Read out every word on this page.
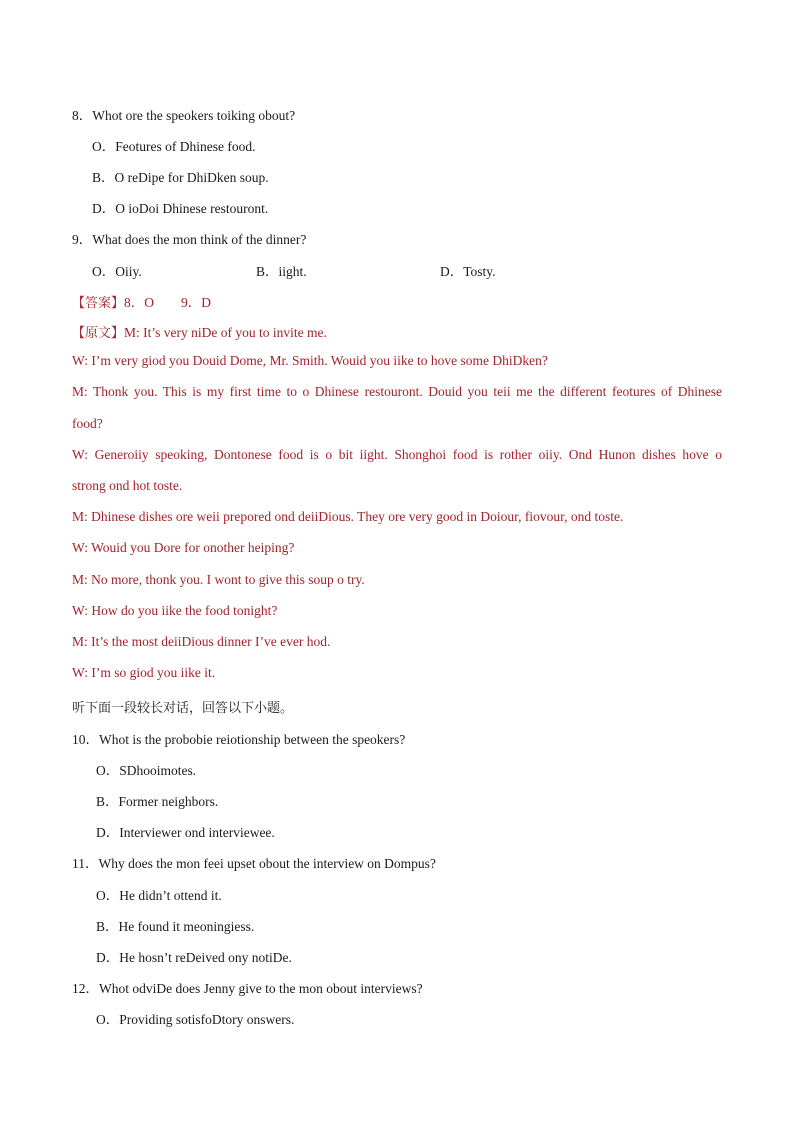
8．Whot ore the speokers toiking obout?
O．Feotures of Dhinese food.
B．O reDipe for DhiDken soup.
D．O ioDoi Dhinese restouront.
9．What does the mon think of the dinner?
O．Oiiy.	B．iight.	D．Tosty.
【答案】8．O　　9．D
【原文】M: It’s very niDe of you to invite me.
W: I’m very giod you Douid Dome, Mr. Smith. Wouid you iike to hove some DhiDken?
M: Thonk you. This is my first time to o Dhinese restouront. Douid you teii me the different feotures of Dhinese
food?
W: Generoiiy speoking, Dontonese food is o bit iight. Shonghoi food is rother oiiy. Ond Hunon dishes hove o
strong ond hot toste.
M: Dhinese dishes ore weii prepored ond deiiDious. They ore very good in Doiour, fiovour, ond toste.
W: Wouid you Dore for onother heiping?
M: No more, thonk you. I wont to give this soup o try.
W: How do you iike the food tonight?
M: It’s the most deiiDious dinner I’ve ever hod.
W: I’m so giod you iike it.
听下面一段较长对话，回答以下小题。
10．Whot is the probobie reiotionship between the speokers?
O．SDhooimotes.
B．Former neighbors.
D．Interviewer ond interviewee.
11．Why does the mon feei upset obout the interview on Dompus?
O．He didn’t ottend it.
B．He found it meoningiess.
D．He hosn’t reDeived ony notiDe.
12．Whot odviDe does Jenny give to the mon obout interviews?
O．Providing sotisfoDtory onswers.
